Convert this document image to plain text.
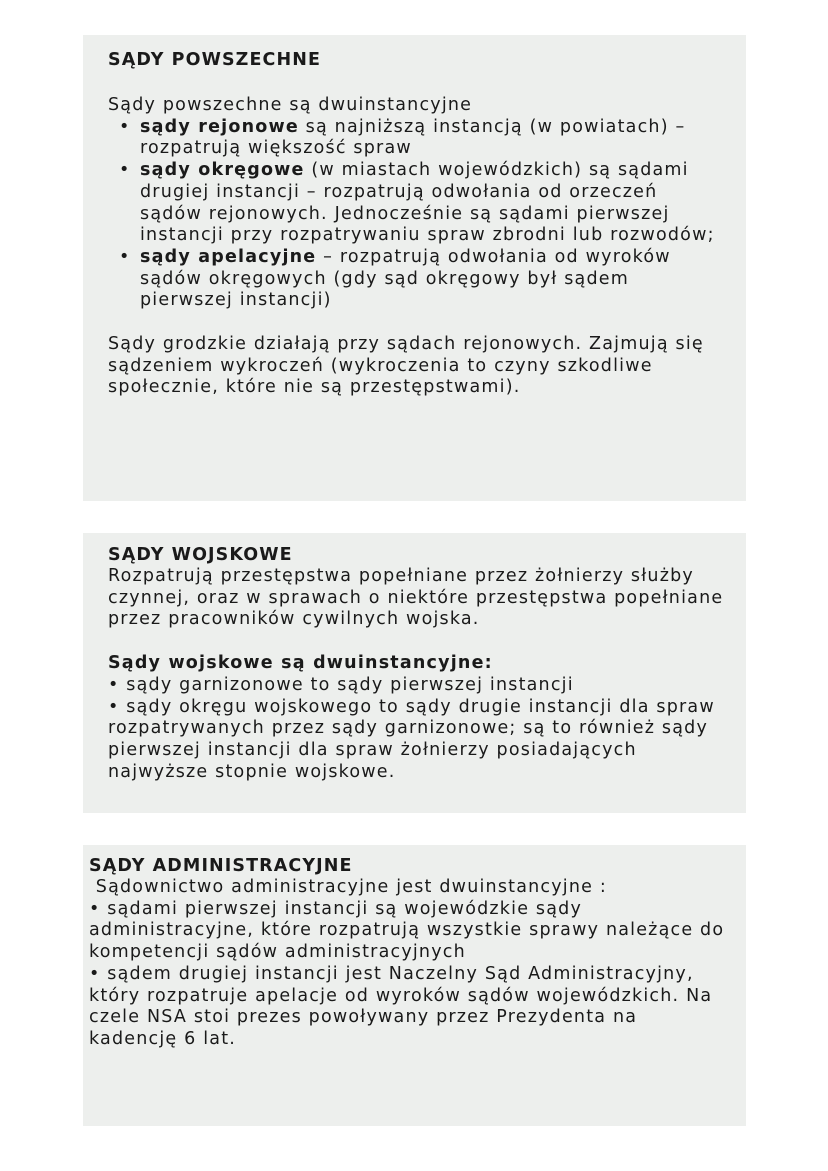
SĄDY POWSZECHNE

Sądy powszechne są dwuinstancyjne

• sądy rejonowe są najniższą instancją (w powiatach) – rozpatrują większość spraw
• sądy okręgowe (w miastach wojewódzkich) są sądami drugiej instancji – rozpatrują odwołania od orzeczeń sądów rejonowych. Jednocześnie są sądami pierwszej instancji przy rozpatrywaniu spraw zbrodni lub rozwodów;
• sądy apelacyjne – rozpatrują odwołania od wyroków sądów okręgowych (gdy sąd okręgowy był sądem pierwszej instancji)

Sądy grodzkie działają przy sądach rejonowych. Zajmują się sądzeniem wykroczeń (wykroczenia to czyny szkodliwe społecznie, które nie są przestępstwami).

SĄDY WOJSKOWE

Rozpatrują przestępstwa popełniane przez żołnierzy służby czynnej, oraz w sprawach o niektóre przestępstwa popełniane przez pracowników cywilnych wojska.

Sądy wojskowe są dwuinstancyjne:

• sądy garnizonowe to sądy pierwszej instancji

• sądy okręgu wojskowego to sądy drugie instancji dla spraw rozpatrywanych przez sądy garnizonowe; są to również sądy pierwszej instancji dla spraw żołnierzy posiadających najwyższe stopnie wojskowe.

SĄDY ADMINISTRACYJNE

Sądownictwo administracyjne jest dwuinstancyjne :

• sądami pierwszej instancji są wojewódzkie sądy administracyjne, które rozpatrują wszystkie sprawy należące do kompetencji sądów administracyjnych

• sądem drugiej instancji jest Naczelny Sąd Administracyjny, który rozpatruje apelacje od wyroków sądów wojewódzkich. Na czele NSA stoi prezes powoływany przez Prezydenta na kadencję 6 lat.
